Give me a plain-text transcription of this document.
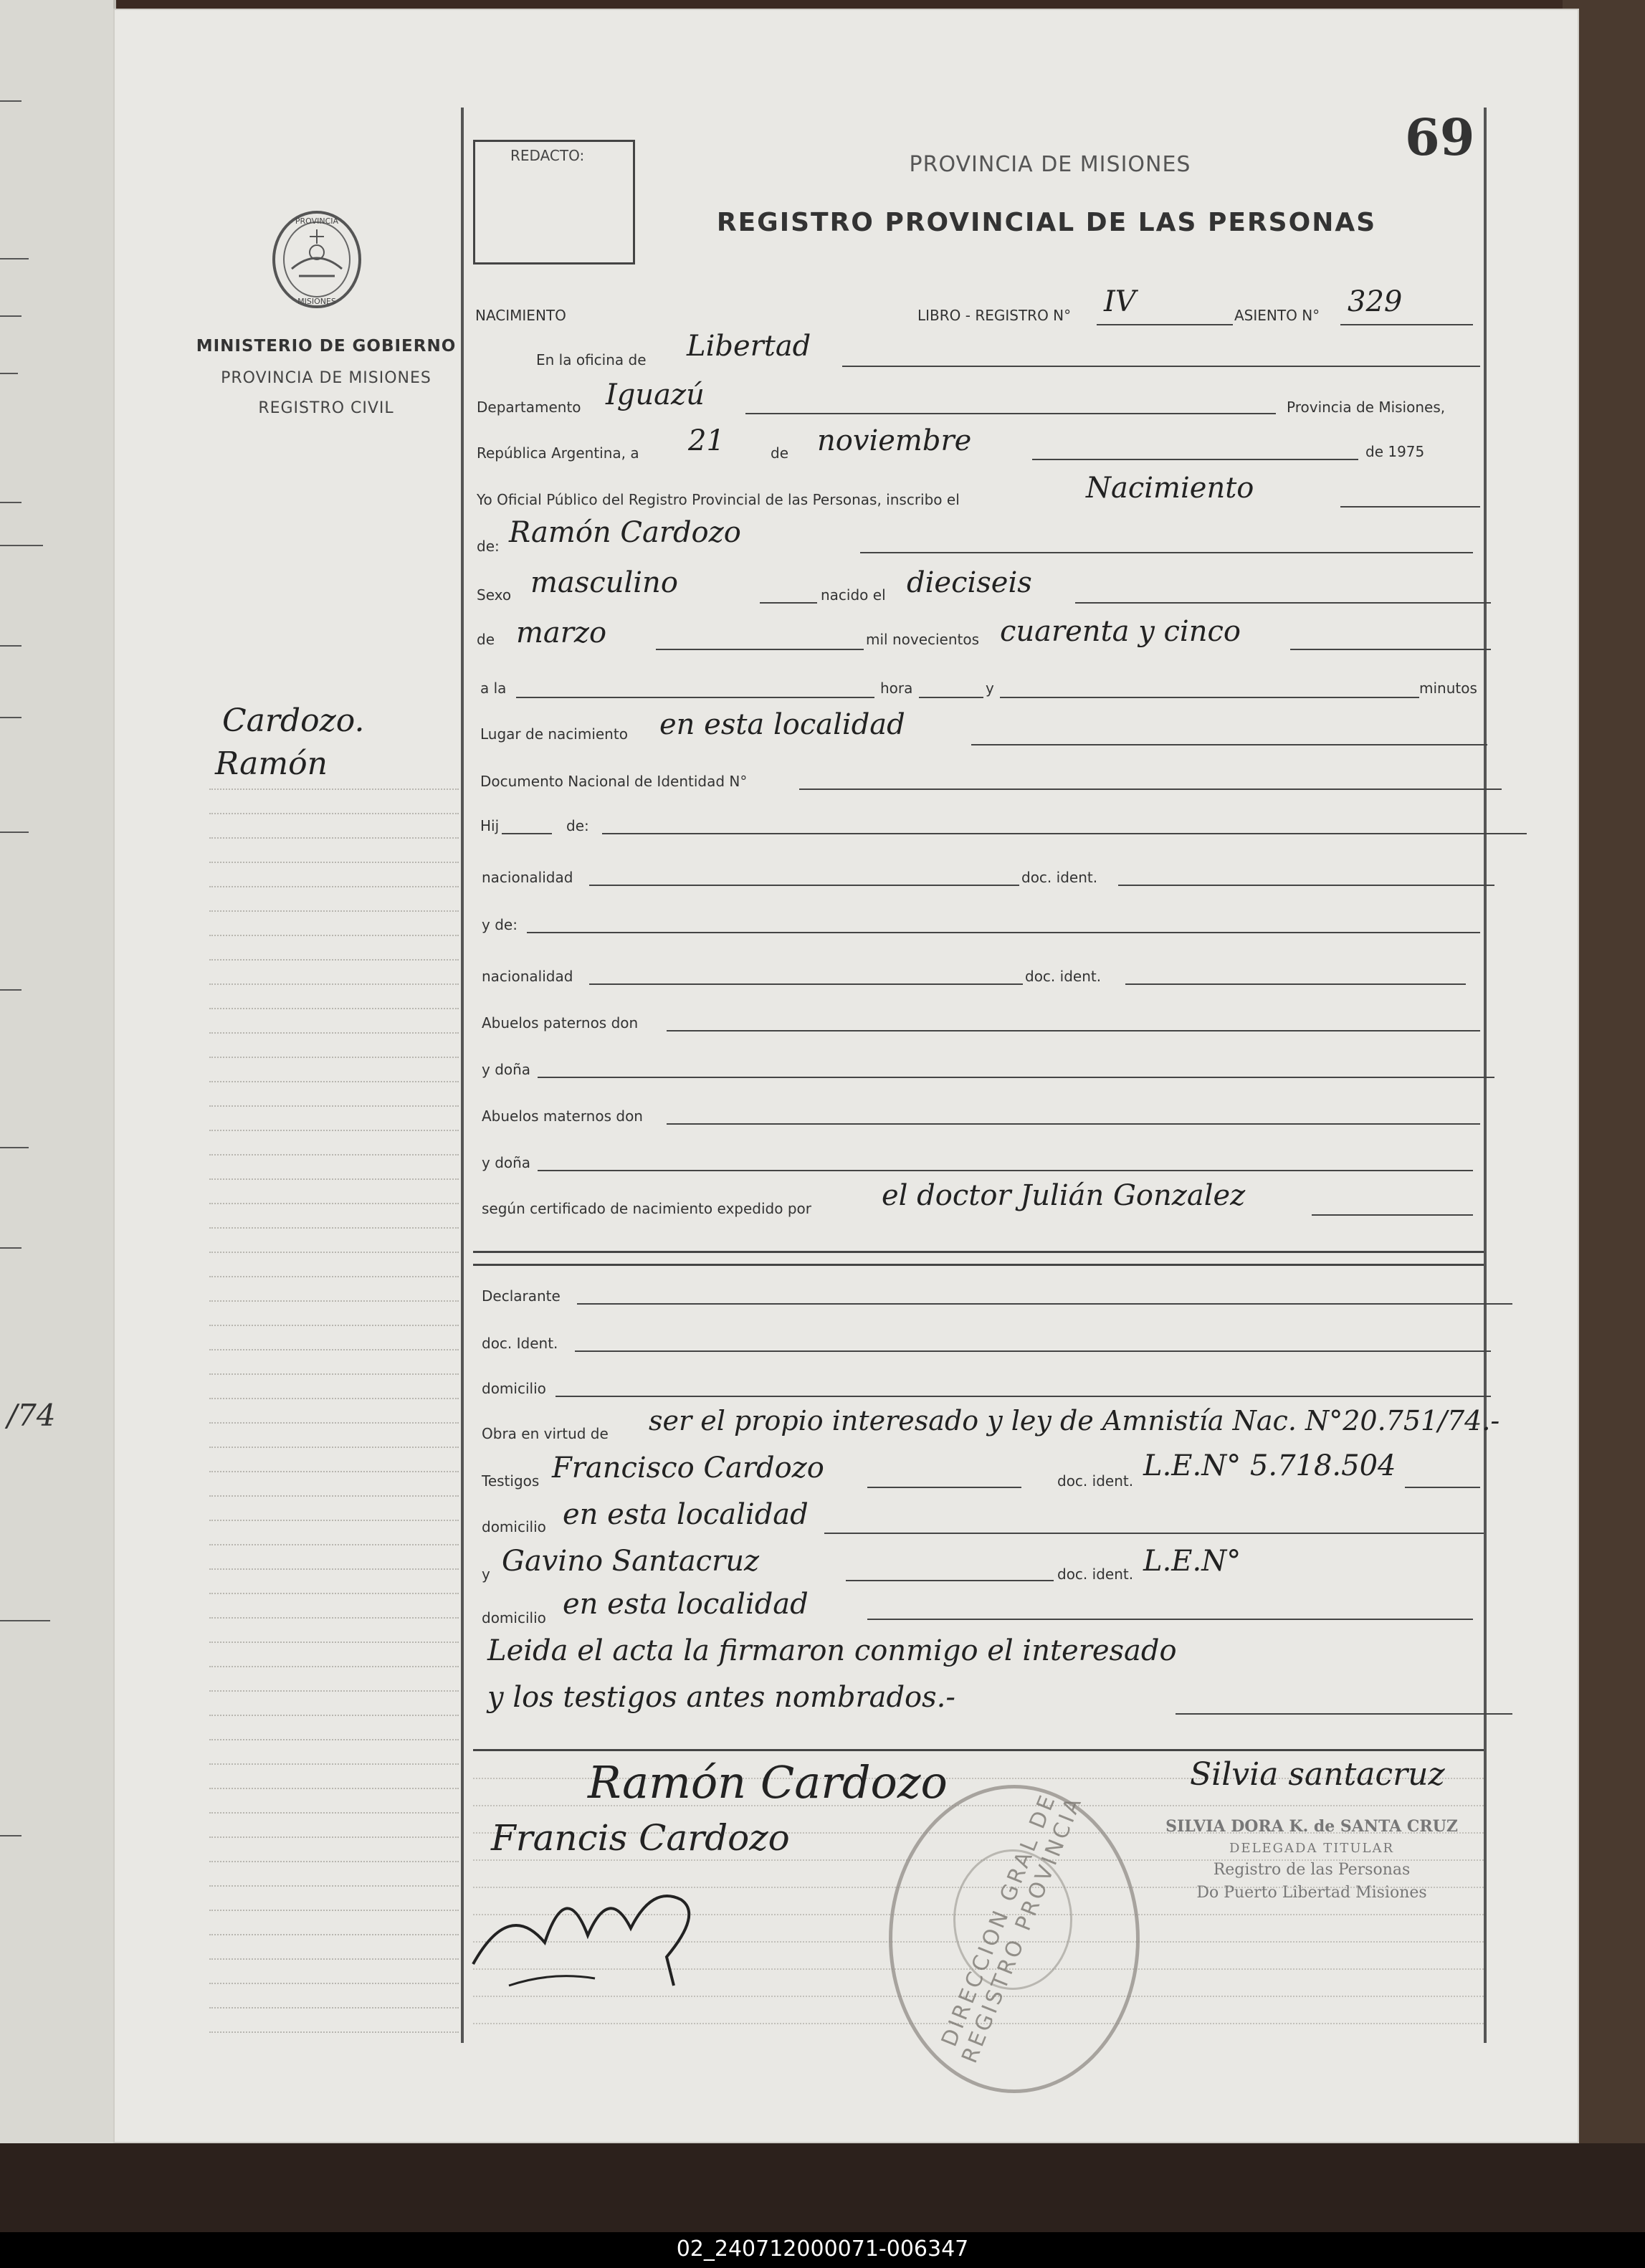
/74
REDACTO:	69
PROVINCIA DE MISIONES
REGISTRO PROVINCIAL DE LAS PERSONAS
PROVINCIA
MISIONES
MINISTERIO DE GOBIERNO
PROVINCIA DE MISIONES
REGISTRO CIVIL
Cardozo.
Ramón
NACIMIENTO	LIBRO - REGISTRO N° IV	ASIENTO N° 329
En la oficina de Libertad
Departamento Iguazú	Provincia de Misiones,
República Argentina, a 21	de noviembre	de 1975
Yo Oficial Público del Registro Provincial de las Personas, inscribo el	Nacimiento
de: Ramón Cardozo
Sexo masculino	nacido el dieciseis
de marzo	mil novecientos cuarenta y cinco
a la	hora	y	minutos
Lugar de nacimiento en esta localidad
Documento Nacional de Identidad N°
Hij	de:
nacionalidad	doc. ident.
y de:
nacionalidad	doc. ident.
Abuelos paternos don
y doña
Abuelos maternos don
y doña
según certificado de nacimiento expedido por el doctor Julián Gonzalez
Declarante
doc. Ident.
domicilio
Obra en virtud de ser el propio interesado y ley de Amnistía Nac. N°20.751/74.-
Testigos Francisco Cardozo	doc. ident. L.E.N° 5.718.504
domicilio en esta localidad
y Gavino Santacruz	doc. ident. L.E.N°
domicilio en esta localidad
Leida el acta la firmaron conmigo el interesado
y los testigos antes nombrados.-
DIRECCION GRAL DE REGISTRO PROVINCIA
Ramón Cardozo
Francis Cardozo
Silvia santacruz
SILVIA DORA K. de SANTA CRUZ
DELEGADA TITULAR
Registro de las Personas
Do Puerto Libertad Misiones
02_240712000071-006347
